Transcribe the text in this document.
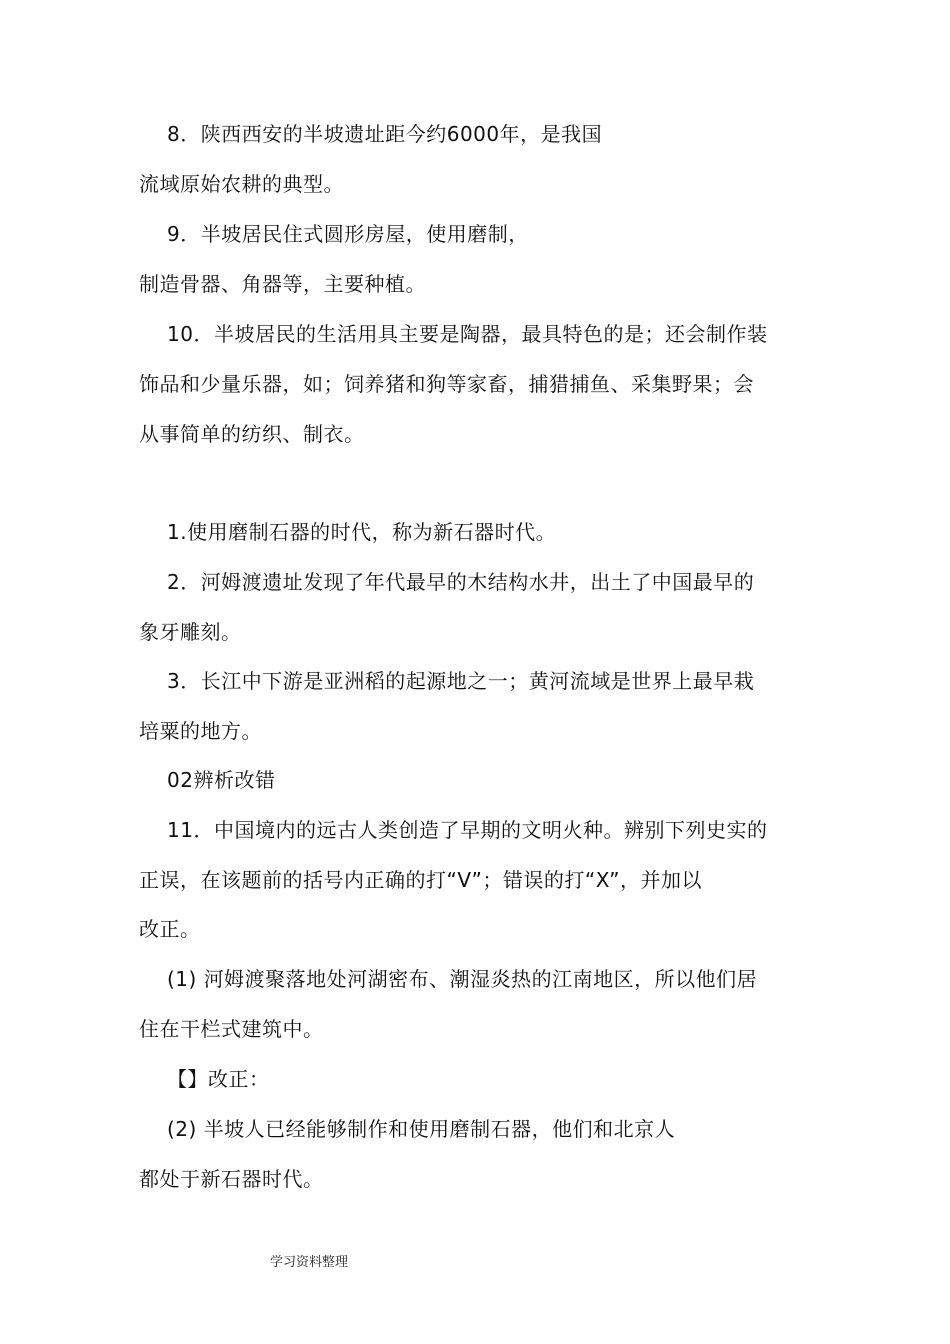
8．陕西西安的半坡遗址距今约6000年，是我国
流域原始农耕的典型。
9．半坡居民住式圆形房屋，使用磨制，
制造骨器、角器等，主要种植。
10．半坡居民的生活用具主要是陶器，最具特色的是；还会制作装
饰品和少量乐器，如；饲养猪和狗等家畜，捕猎捕鱼、采集野果；会
从事简单的纺织、制衣。
1.使用磨制石器的时代，称为新石器时代。
2．河姆渡遗址发现了年代最早的木结构水井，出土了中国最早的
象牙雕刻。
3．长江中下游是亚洲稻的起源地之一；黄河流域是世界上最早栽
培粟的地方。
02辨析改错
11．中国境内的远古人类创造了早期的文明火种。辨别下列史实的
正误，在该题前的括号内正确的打“V”；错误的打“X”，并加以
改正。
(1) 河姆渡聚落地处河湖密布、潮湿炎热的江南地区，所以他们居
住在干栏式建筑中。
【】改正：
(2) 半坡人已经能够制作和使用磨制石器，他们和北京人
都处于新石器时代。
学习资料整理
